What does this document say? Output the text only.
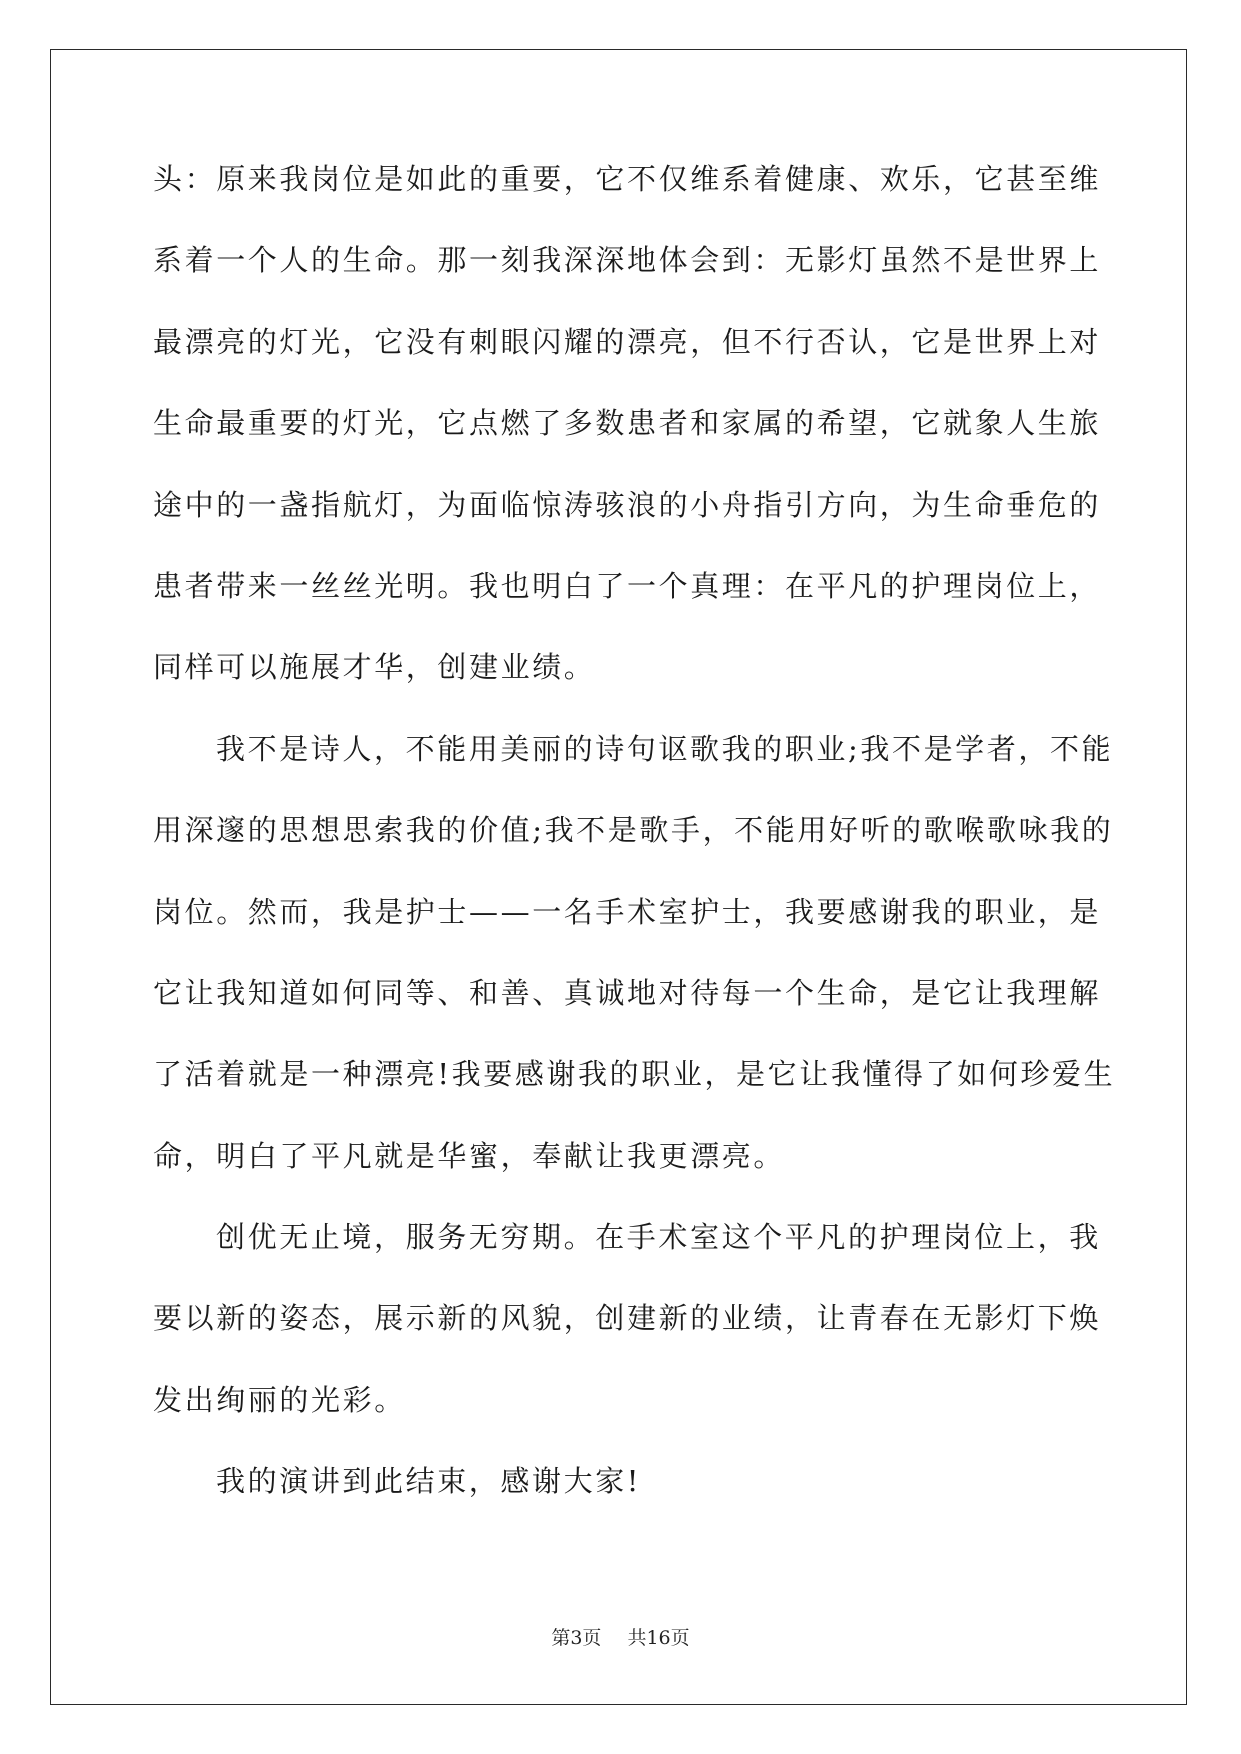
头：原来我岗位是如此的重要，它不仅维系着健康、欢乐，它甚至维
系着一个人的生命。那一刻我深深地体会到：无影灯虽然不是世界上
最漂亮的灯光，它没有刺眼闪耀的漂亮，但不行否认，它是世界上对
生命最重要的灯光，它点燃了多数患者和家属的希望，它就象人生旅
途中的一盏指航灯，为面临惊涛骇浪的小舟指引方向，为生命垂危的
患者带来一丝丝光明。我也明白了一个真理：在平凡的护理岗位上，
同样可以施展才华，创建业绩。
我不是诗人，不能用美丽的诗句讴歌我的职业;我不是学者，不能
用深邃的思想思索我的价值;我不是歌手，不能用好听的歌喉歌咏我的
岗位。然而，我是护士——一名手术室护士，我要感谢我的职业，是
它让我知道如何同等、和善、真诚地对待每一个生命，是它让我理解
了活着就是一种漂亮!我要感谢我的职业，是它让我懂得了如何珍爱生
命，明白了平凡就是华蜜，奉献让我更漂亮。
创优无止境，服务无穷期。在手术室这个平凡的护理岗位上，我
要以新的姿态，展示新的风貌，创建新的业绩，让青春在无影灯下焕
发出绚丽的光彩。
我的演讲到此结束，感谢大家!
第3页 共16页
